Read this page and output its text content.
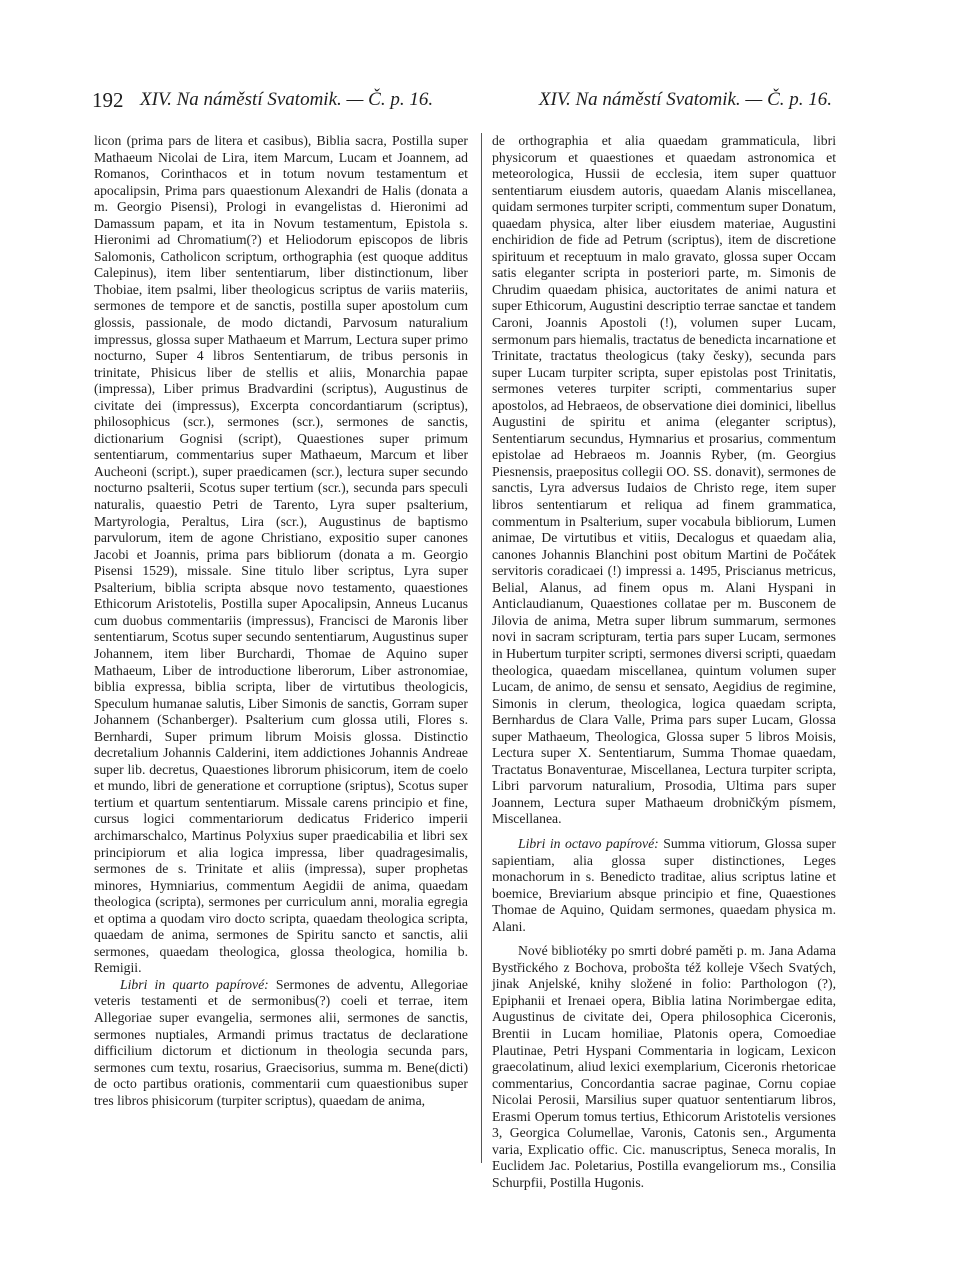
192 XIV. Na náměstí Svatomik. — Č. p. 16.	XIV. Na náměstí Svatomik. — Č. p. 16.

licon (prima pars de litera et casibus), Biblia sacra, Postilla super Mathaeum Nicolai de Lira, item Marcum, Lucam et Joannem, ad Romanos, Corinthacos et in totum novum testamentum et apocalipsin, Prima pars quaestionum Alexandri de Halis (donata a m. Georgio Pisensi), Prologi in evangelistas d. Hieronimi ad Damassum papam, et ita in Novum testamentum, Epistola s. Hieronimi ad Chromatium(?) et Heliodorum episcopos de libris Salomonis, Catholicon scriptum, orthographia (est quoque additus Calepinus), item liber sententiarum, liber distinctionum, liber Thobiae, item psalmi, liber theologicus scriptus de variis materiis, sermones de tempore et de sanctis, postilla super apostolum cum glossis, passionale, de modo dictandi, Parvosum naturalium impressus, glossa super Mathaeum et Marrum, Lectura super primo nocturno, Super 4 libros Sententiarum, de tribus personis in trinitate, Phisicus liber de stellis et aliis, Monarchia papae (impressa), Liber primus Bradvardini (scriptus), Augustinus de civitate dei (impressus), Excerpta concordantiarum (scriptus), philosophicus (scr.), sermones (scr.), sermones de sanctis, dictionarium Gognisi (script), Quaestiones super primum sententiarum, commentarius super Mathaeum, Marcum et liber Aucheoni (script.), super praedicamen (scr.), lectura super secundo nocturno psalterii, Scotus super tertium (scr.), secunda pars speculi naturalis, quaestio Petri de Tarento, Lyra super psalterium, Martyrologia, Peraltus, Lira (scr.), Augustinus de baptismo parvulorum, item de agone Christiano, expositio super canones Jacobi et Joannis, prima pars bibliorum (donata a m. Georgio Pisensi 1529), missale. Sine titulo liber scriptus, Lyra super Psalterium, biblia scripta absque novo testamento, quaestiones Ethicorum Aristotelis, Postilla super Apocalipsin, Anneus Lucanus cum duobus commentariis (impressus), Francisci de Maronis liber sententiarum, Scotus super secundo sententiarum, Augustinus super Johannem, item liber Burchardi, Thomae de Aquino super Mathaeum, Liber de introductione liberorum, Liber astronomiae, biblia expressa, biblia scripta, liber de virtutibus theologicis, Speculum humanae salutis, Liber Simonis de sanctis, Gorram super Johannem (Schanberger). Psalterium cum glossa utili, Flores s. Bernhardi, Super primum librum Moisis glossa. Distinctio decretalium Johannis Calderini, item addictiones Johannis Andreae super lib. decretus, Quaestiones librorum phisicorum, item de coelo et mundo, libri de generatione et corruptione (sriptus), Scotus super tertium et quartum sententiarum. Missale carens principio et fine, cursus logici commentariorum dedicatus Friderico imperii archimarschalco, Martinus Polyxius super praedicabilia et libri sex principiorum et alia logica impressa, liber quadragesimalis, sermones de s. Trinitate et aliis (impressa), super prophetas minores, Hymniarius, commentum Aegidii de anima, quaedam theologica (scripta), sermones per curriculum anni, moralia egregia et optima a quodam viro docto scripta, quaedam theologica scripta, quaedam de anima, sermones de Spiritu sancto et sanctis, alii sermones, quaedam theologica, glossa theologica, homilia b. Remigii.

Libri in quarto papírové: Sermones de adventu, Allegoriae veteris testamenti et de sermonibus(?) coeli et terrae, item Allegoriae super evangelia, sermones alii, sermones de sanctis, sermones nuptiales, Armandi primus tractatus de declaratione difficilium dictorum et dictionum in theologia secunda pars, sermones cum textu, rosarius, Graecisorius, summa m. Bene(dicti) de octo partibus orationis, commentarii cum quaestionibus super tres libros phisicorum (turpiter scriptus), quaedam de anima,

de orthographia et alia quaedam grammaticula, libri physicorum et quaestiones et quaedam astronomica et meteorologica, Hussii de ecclesia, item super quattuor sententiarum eiusdem autoris, quaedam Alanis miscellanea, quidam sermones turpiter scripti, commentum super Donatum, quaedam physica, alter liber eiusdem materiae, Augustini enchiridion de fide ad Petrum (scriptus), item de discretione spirituum et receptuum in malo gravato, glossa super Occam satis eleganter scripta in posteriori parte, m. Simonis de Chrudim quaedam phisica, auctoritates de animi natura et super Ethicorum, Augustini descriptio terrae sanctae et tandem Caroni, Joannis Apostoli (!), volumen super Lucam, sermonum pars hiemalis, tractatus de benedicta incarnatione et Trinitate, tractatus theologicus (taky česky), secunda pars super Lucam turpiter scripta, super epistolas post Trinitatis, sermones veteres turpiter scripti, commentarius super apostolos, ad Hebraeos, de observatione diei dominici, libellus Augustini de spiritu et anima (eleganter scriptus), Sententiarum secundus, Hymnarius et prosarius, commentum epistolae ad Hebraeos m. Joannis Ryber, (m. Georgius Piesnensis, praepositus collegii OO. SS. donavit), sermones de sanctis, Lyra adversus Iudaios de Christo rege, item super libros sententiarum et reliqua ad finem grammatica, commentum in Psalterium, super vocabula bibliorum, Lumen animae, De virtutibus et vitiis, Decalogus et quaedam alia, canones Johannis Blanchini post obitum Martini de Počátek servitoris coradicaei (!) impressi a. 1495, Priscianus metricus, Belial, Alanus, ad finem opus m. Alani Hyspani in Anticlaudianum, Quaestiones collatae per m. Busconem de Jilovia de anima, Metra super librum summarum, sermones novi in sacram scripturam, tertia pars super Lucam, sermones in Hubertum turpiter scripti, sermones diversi scripti, quaedam theologica, quaedam miscellanea, quintum volumen super Lucam, de animo, de sensu et sensato, Aegidius de regimine, Simonis in clerum, theologica, logica quaedam scripta, Bernhardus de Clara Valle, Prima pars super Lucam, Glossa super Mathaeum, Theologica, Glossa super 5 libros Moisis, Lectura super X. Sententiarum, Summa Thomae quaedam, Tractatus Bonaventurae, Miscellanea, Lectura turpiter scripta, Libri parvorum naturalium, Prosodia, Ultima pars super Joannem, Lectura super Mathaeum drobničkým písmem, Miscellanea.

Libri in octavo papírové: Summa vitiorum, Glossa super sapientiam, alia glossa super distinctiones, Leges monachorum in s. Benedicto traditae, alius scriptus latine et boemice, Breviarium absque principio et fine, Quaestiones Thomae de Aquino, Quidam sermones, quaedam physica m. Alani.

Nové bibliotéky po smrti dobré paměti p. m. Jana Adama Bystřického z Bochova, probošta též kolleje Všech Svatých, jinak Anjelské, knihy složené in folio: Parthologon (?), Epiphanii et Irenaei opera, Biblia latina Norimbergae edita, Augustinus de civitate dei, Opera philosophica Ciceronis, Brentii in Lucam homiliae, Platonis opera, Comoediae Plautinae, Petri Hyspani Commentaria in logicam, Lexicon graecolatinum, aliud lexici exemplarium, Ciceronis rhetoricae commentarius, Concordantia sacrae paginae, Cornu copiae Nicolai Perosii, Marsilius super quatuor sententiarum libros, Erasmi Operum tomus tertius, Ethicorum Aristotelis versiones 3, Georgica Columellae, Varonis, Catonis sen., Argumenta varia, Explicatio offic. Cic. manuscriptus, Seneca moralis, In Euclidem Jac. Poletarius, Postilla evangeliorum ms., Consilia Schurpfii, Postilla Hugonis.
